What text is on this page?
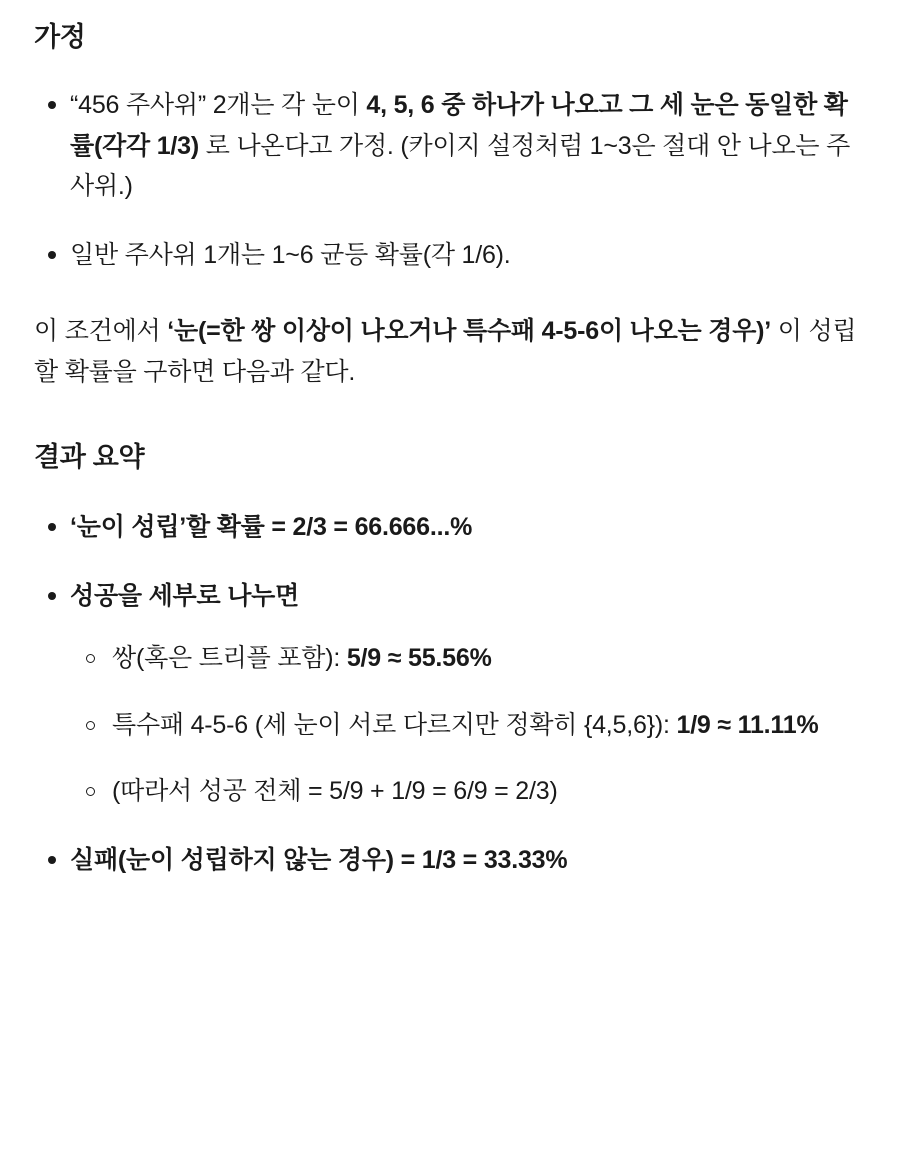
가정
“456 주사위” 2개는 각 눈이 4, 5, 6 중 하나가 나오고 그 세 눈은 동일한 확률(각각 1/3) 로 나온다고 가정. (카이지 설정처럼 1~3은 절대 안 나오는 주사위.)
일반 주사위 1개는 1~6 균등 확률(각 1/6).

이 조건에서 ‘눈(=한 쌍 이상이 나오거나 특수패 4-5-6이 나오는 경우)’ 이 성립할 확률을 구하면 다음과 같다.

결과 요약
‘눈이 성립’할 확률 = 2/3 = 66.666...%
성공을 세부로 나누면
쌍(혹은 트리플 포함): 5/9 ≈ 55.56%
특수패 4-5-6 (세 눈이 서로 다르지만 정확히 {4,5,6}): 1/9 ≈ 11.11%
(따라서 성공 전체 = 5/9 + 1/9 = 6/9 = 2/3)
실패(눈이 성립하지 않는 경우) = 1/3 = 33.33%
